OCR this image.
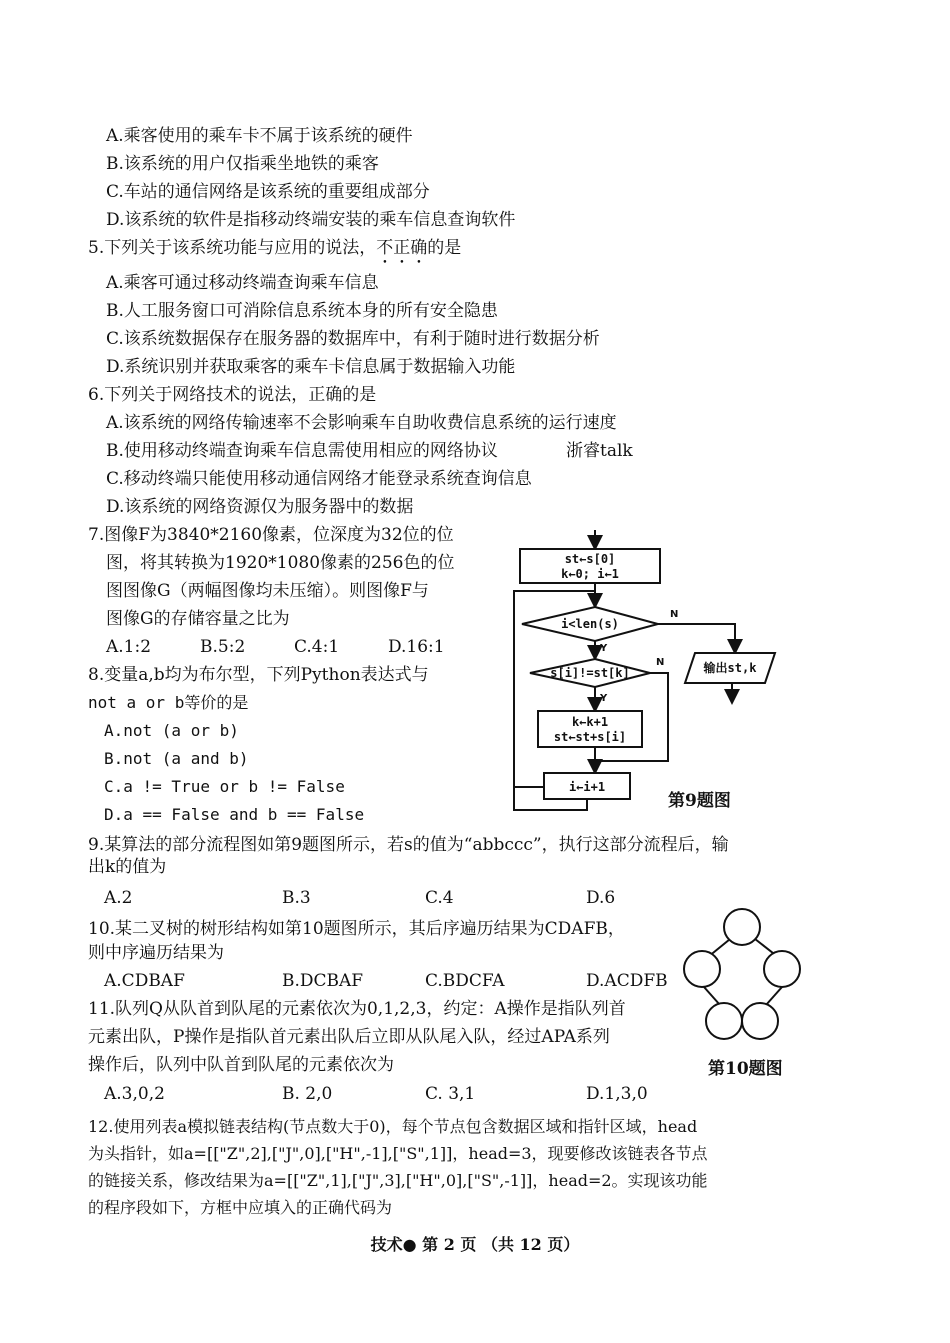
A.乘客使用的乘车卡不属于该系统的硬件
B.该系统的用户仅指乘坐地铁的乘客
C.车站的通信网络是该系统的重要组成部分
D.该系统的软件是指移动终端安装的乘车信息查询软件
5.下列关于该系统功能与应用的说法，不正确的是
A.乘客可通过移动终端查询乘车信息
B.人工服务窗口可消除信息系统本身的所有安全隐患
C.该系统数据保存在服务器的数据库中，有利于随时进行数据分析
D.系统识别并获取乘客的乘车卡信息属于数据输入功能
6.下列关于网络技术的说法，正确的是
A.该系统的网络传输速率不会影响乘车自助收费信息系统的运行速度
B.使用移动终端查询乘车信息需使用相应的网络协议	浙睿talk
C.移动终端只能使用移动通信网络才能登录系统查询信息
D.该系统的网络资源仅为服务器中的数据
7.图像F为3840*2160像素，位深度为32位的位
图，将其转换为1920*1080像素的256色的位
图图像G（两幅图像均未压缩）。则图像F与
图像G的存储容量之比为
A.1:2	B.5:2	C.4:1	D.16:1
8.变量a,b均为布尔型，下列Python表达式与
not a or b等价的是
A.not (a or b)
B.not (a and b)
C.a != True or b != False
D.a == False and b == False
st←s[0]
k←0; i←1
i<len(s)
N
Y
输出st,k
s[i]!=st[k]
N
Y
k←k+1
st←st+s[i]
i←i+1
第9题图
9.某算法的部分流程图如第9题图所示，若s的值为“abbccc”，执行这部分流程后，输
出k的值为
A.2	B.3	C.4	D.6
10.某二叉树的树形结构如第10题图所示，其后序遍历结果为CDAFB，
则中序遍历结果为
A.CDBAF	B.DCBAF	C.BDCFA	D.ACDFB
第10题图
11.队列Q从队首到队尾的元素依次为0,1,2,3，约定：A操作是指队列首
元素出队，P操作是指队首元素出队后立即从队尾入队，经过APA系列
操作后，队列中队首到队尾的元素依次为
A.3,0,2	B. 2,0	C. 3,1	D.1,3,0
12.使用列表a模拟链表结构(节点数大于0)，每个节点包含数据区域和指针区域，head
为头指针，如a=[["Z",2],["J",0],["H",-1],["S",1]]，head=3，现要修改该链表各节点
的链接关系，修改结果为a=[["Z",1],["J",3],["H",0],["S",-1]]，head=2。实现该功能
的程序段如下，方框中应填入的正确代码为
技术● 第 2 页 （共 12 页）
